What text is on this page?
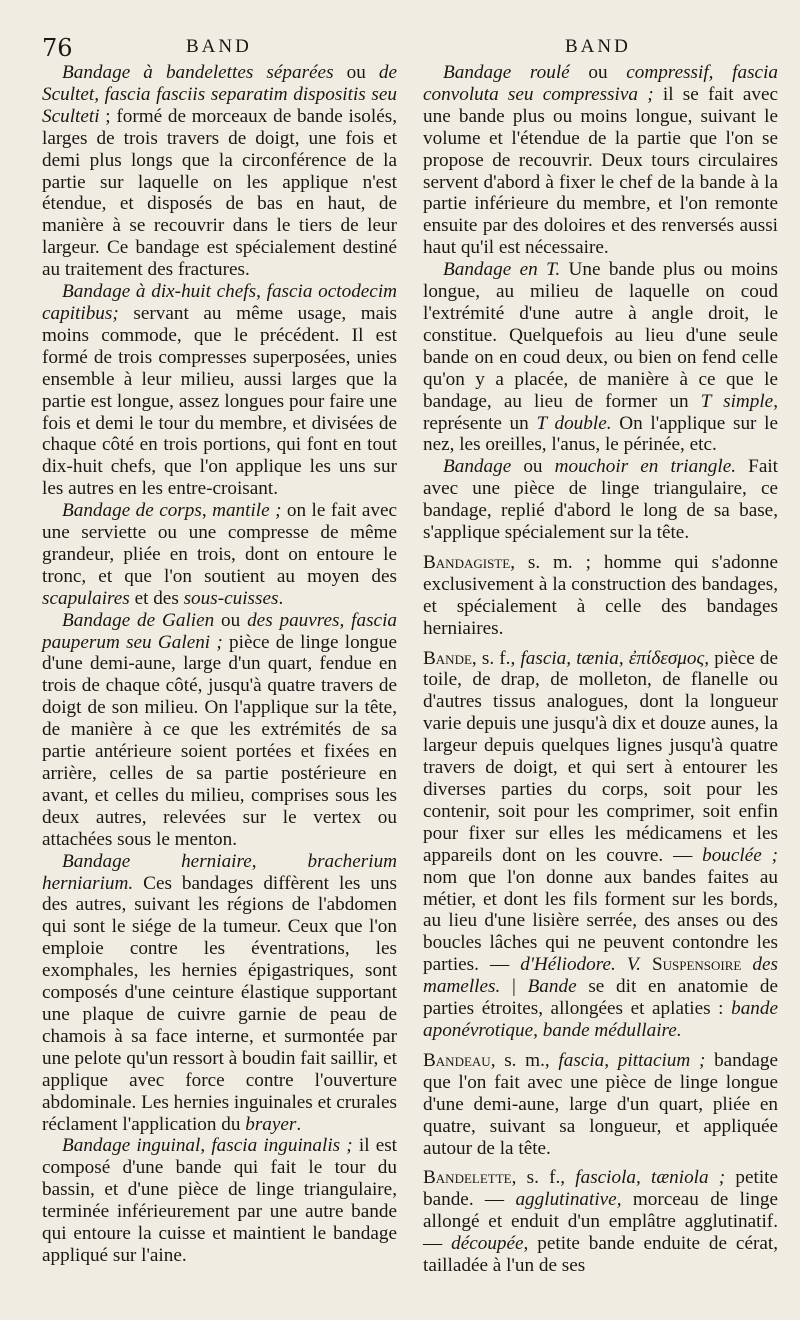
76	BAND	BAND

Bandage à bandelettes séparées ou de Scultet, fascia fasciis separatim dispositis seu Sculteti ; formé de morceaux de bande isolés, larges de trois travers de doigt, une fois et demi plus longs que la circonférence de la partie sur laquelle on les applique n'est étendue, et disposés de bas en haut, de manière à se recouvrir dans le tiers de leur largeur. Ce bandage est spécialement destiné au traitement des fractures.

Bandage à dix-huit chefs, fascia octodecim capitibus; servant au même usage, mais moins commode, que le précédent. Il est formé de trois compresses superposées, unies ensemble à leur milieu, aussi larges que la partie est longue, assez longues pour faire une fois et demi le tour du membre, et divisées de chaque côté en trois portions, qui font en tout dix-huit chefs, que l'on applique les uns sur les autres en les entre-croisant.

Bandage de corps, mantile ; on le fait avec une serviette ou une compresse de même grandeur, pliée en trois, dont on entoure le tronc, et que l'on soutient au moyen des scapulaires et des sous-cuisses.

Bandage de Galien ou des pauvres, fascia pauperum seu Galeni ; pièce de linge longue d'une demi-aune, large d'un quart, fendue en trois de chaque côté, jusqu'à quatre travers de doigt de son milieu. On l'applique sur la tête, de manière à ce que les extrémités de sa partie antérieure soient portées et fixées en arrière, celles de sa partie postérieure en avant, et celles du milieu, comprises sous les deux autres, relevées sur le vertex ou attachées sous le menton.

Bandage herniaire, bracherium herniarium. Ces bandages diffèrent les uns des autres, suivant les régions de l'abdomen qui sont le siége de la tumeur. Ceux que l'on emploie contre les éventrations, les exomphales, les hernies épigastriques, sont composés d'une ceinture élastique supportant une plaque de cuivre garnie de peau de chamois à sa face interne, et surmontée par une pelote qu'un ressort à boudin fait saillir, et applique avec force contre l'ouverture abdominale. Les hernies inguinales et crurales réclament l'application du brayer.

Bandage inguinal, fascia inguinalis ; il est composé d'une bande qui fait le tour du bassin, et d'une pièce de linge triangulaire, terminée inférieurement par une autre bande qui entoure la cuisse et maintient le bandage appliqué sur l'aine.

Bandage roulé ou compressif, fascia convoluta seu compressiva ; il se fait avec une bande plus ou moins longue, suivant le volume et l'étendue de la partie que l'on se propose de recouvrir. Deux tours circulaires servent d'abord à fixer le chef de la bande à la partie inférieure du membre, et l'on remonte ensuite par des doloires et des renversés aussi haut qu'il est nécessaire.

Bandage en T. Une bande plus ou moins longue, au milieu de laquelle on coud l'extrémité d'une autre à angle droit, le constitue. Quelquefois au lieu d'une seule bande on en coud deux, ou bien on fend celle qu'on y a placée, de manière à ce que le bandage, au lieu de former un T simple, représente un T double. On l'applique sur le nez, les oreilles, l'anus, le périnée, etc.

Bandage ou mouchoir en triangle. Fait avec une pièce de linge triangulaire, ce bandage, replié d'abord le long de sa base, s'applique spécialement sur la tête.

Bandagiste, s. m. ; homme qui s'adonne exclusivement à la construction des bandages, et spécialement à celle des bandages herniaires.

Bande, s. f., fascia, tænia, ἐπίδεσμος, pièce de toile, de drap, de molleton, de flanelle ou d'autres tissus analogues, dont la longueur varie depuis une jusqu'à dix et douze aunes, la largeur depuis quelques lignes jusqu'à quatre travers de doigt, et qui sert à entourer les diverses parties du corps, soit pour les contenir, soit pour les comprimer, soit enfin pour fixer sur elles les médicamens et les appareils dont on les couvre. — bouclée ; nom que l'on donne aux bandes faites au métier, et dont les fils forment sur les bords, au lieu d'une lisière serrée, des anses ou des boucles lâches qui ne peuvent contondre les parties. — d'Héliodore. V. Suspensoire des mamelles. | Bande se dit en anatomie de parties étroites, allongées et aplaties : bande aponévrotique, bande médullaire.

Bandeau, s. m., fascia, pittacium ; bandage que l'on fait avec une pièce de linge longue d'une demi-aune, large d'un quart, pliée en quatre, suivant sa longueur, et appliquée autour de la tête.

Bandelette, s. f., fasciola, tæniola ; petite bande. — agglutinative, morceau de linge allongé et enduit d'un emplâtre agglutinatif. — découpée, petite bande enduite de cérat, tailladée à l'un de ses
